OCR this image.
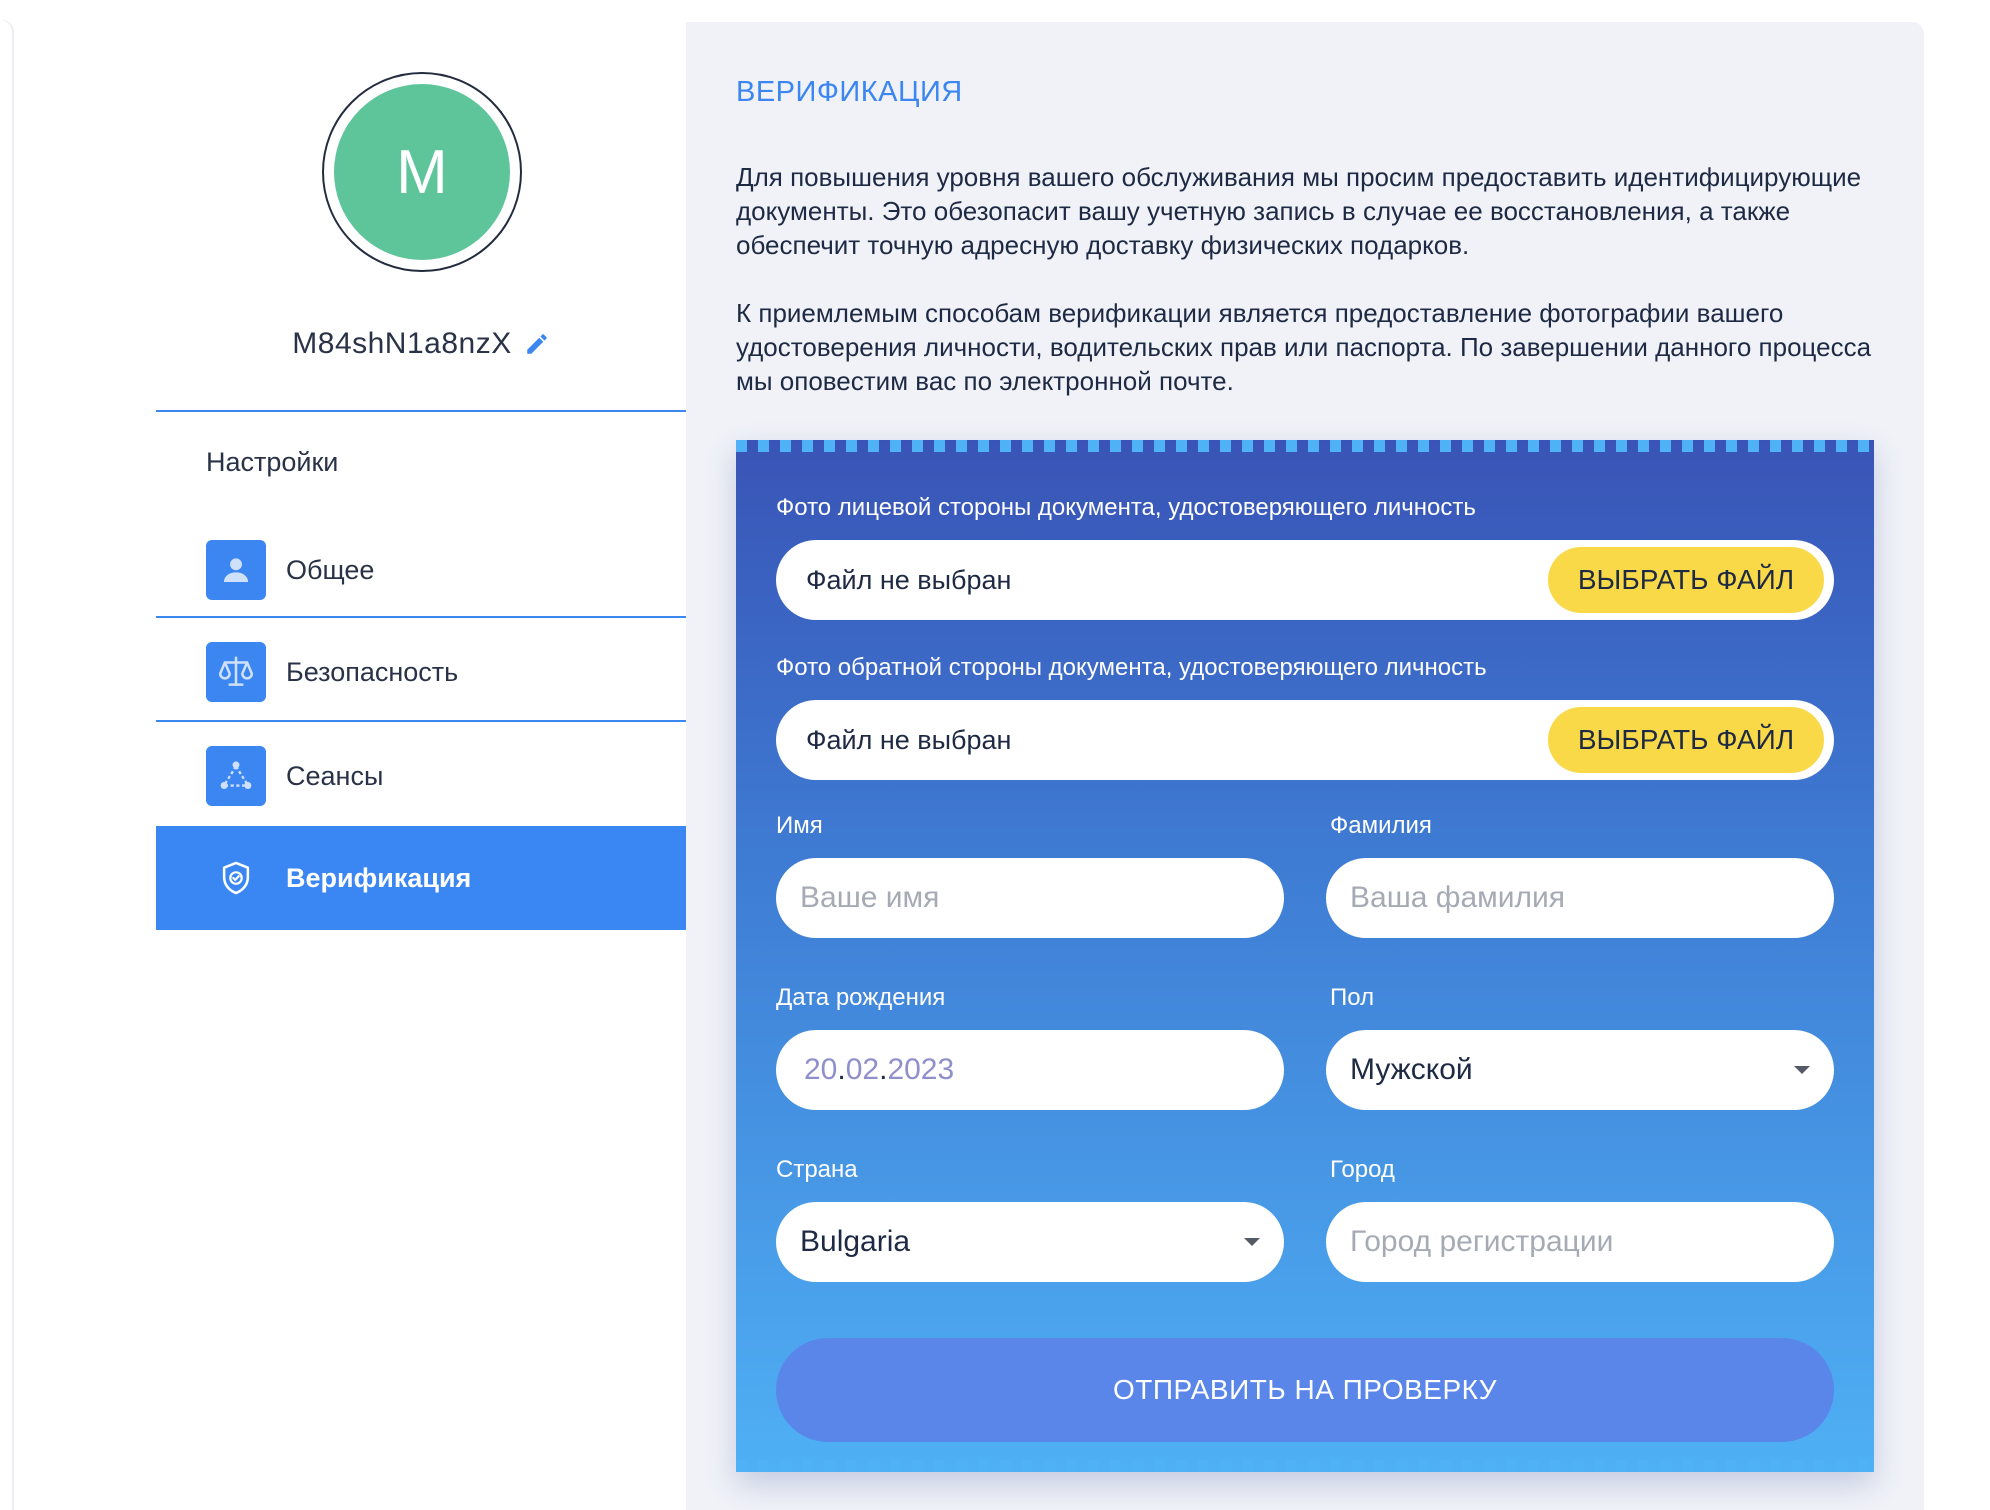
M
M84shN1a8nzX
Настройки
Общее
Безопасность
Сеансы
Верификация
ВЕРИФИКАЦИЯ
Для повышения уровня вашего обслуживания мы просим предоставить идентифицирующие документы. Это обезопасит вашу учетную запись в случае ее восстановления, а также обеспечит точную адресную доставку физических подарков.
К приемлемым способам верификации является предоставление фотографии вашего удостоверения личности, водительских прав или паспорта. По завершении данного процесса мы оповестим вас по электронной почте.
Фото лицевой стороны документа, удостоверяющего личность
Файл не выбран	ВЫБРАТЬ ФАЙЛ
Фото обратной стороны документа, удостоверяющего личность
Файл не выбран	ВЫБРАТЬ ФАЙЛ
Имя	Фамилия
Ваше имя	Ваша фамилия
Дата рождения	Пол
20.02.2023	Мужской
Страна	Город
Bulgaria	Город регистрации
ОТПРАВИТЬ НА ПРОВЕРКУ
